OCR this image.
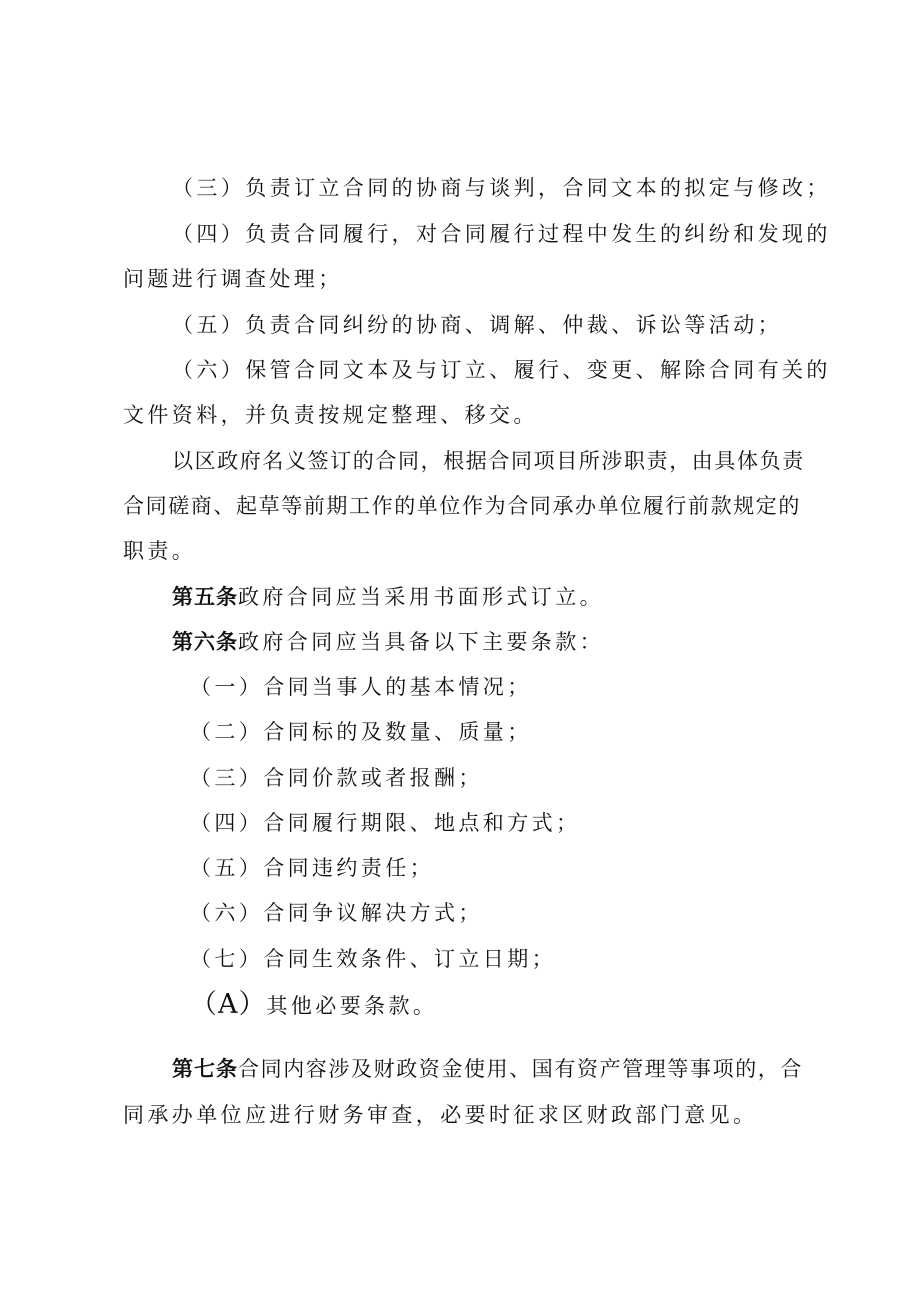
（三）负责订立合同的协商与谈判，合同文本的拟定与修改；

（四）负责合同履行，对合同履行过程中发生的纠纷和发现的

问题进行调查处理；

（五）负责合同纠纷的协商、调解、仲裁、诉讼等活动；

（六）保管合同文本及与订立、履行、变更、解除合同有关的

文件资料，并负责按规定整理、移交。

以区政府名义签订的合同，根据合同项目所涉职责，由具体负责

合同磋商、起草等前期工作的单位作为合同承办单位履行前款规定的

职责。

第五条政府合同应当采用书面形式订立。

第六条政府合同应当具备以下主要条款：

（一）合同当事人的基本情况；

（二）合同标的及数量、质量；

（三）合同价款或者报酬；

（四）合同履行期限、地点和方式；

（五）合同违约责任；

（六）合同争议解决方式；

（七）合同生效条件、订立日期；

（A）其他必要条款。

第七条合同内容涉及财政资金使用、国有资产管理等事项的，合

同承办单位应进行财务审查，必要时征求区财政部门意见。
